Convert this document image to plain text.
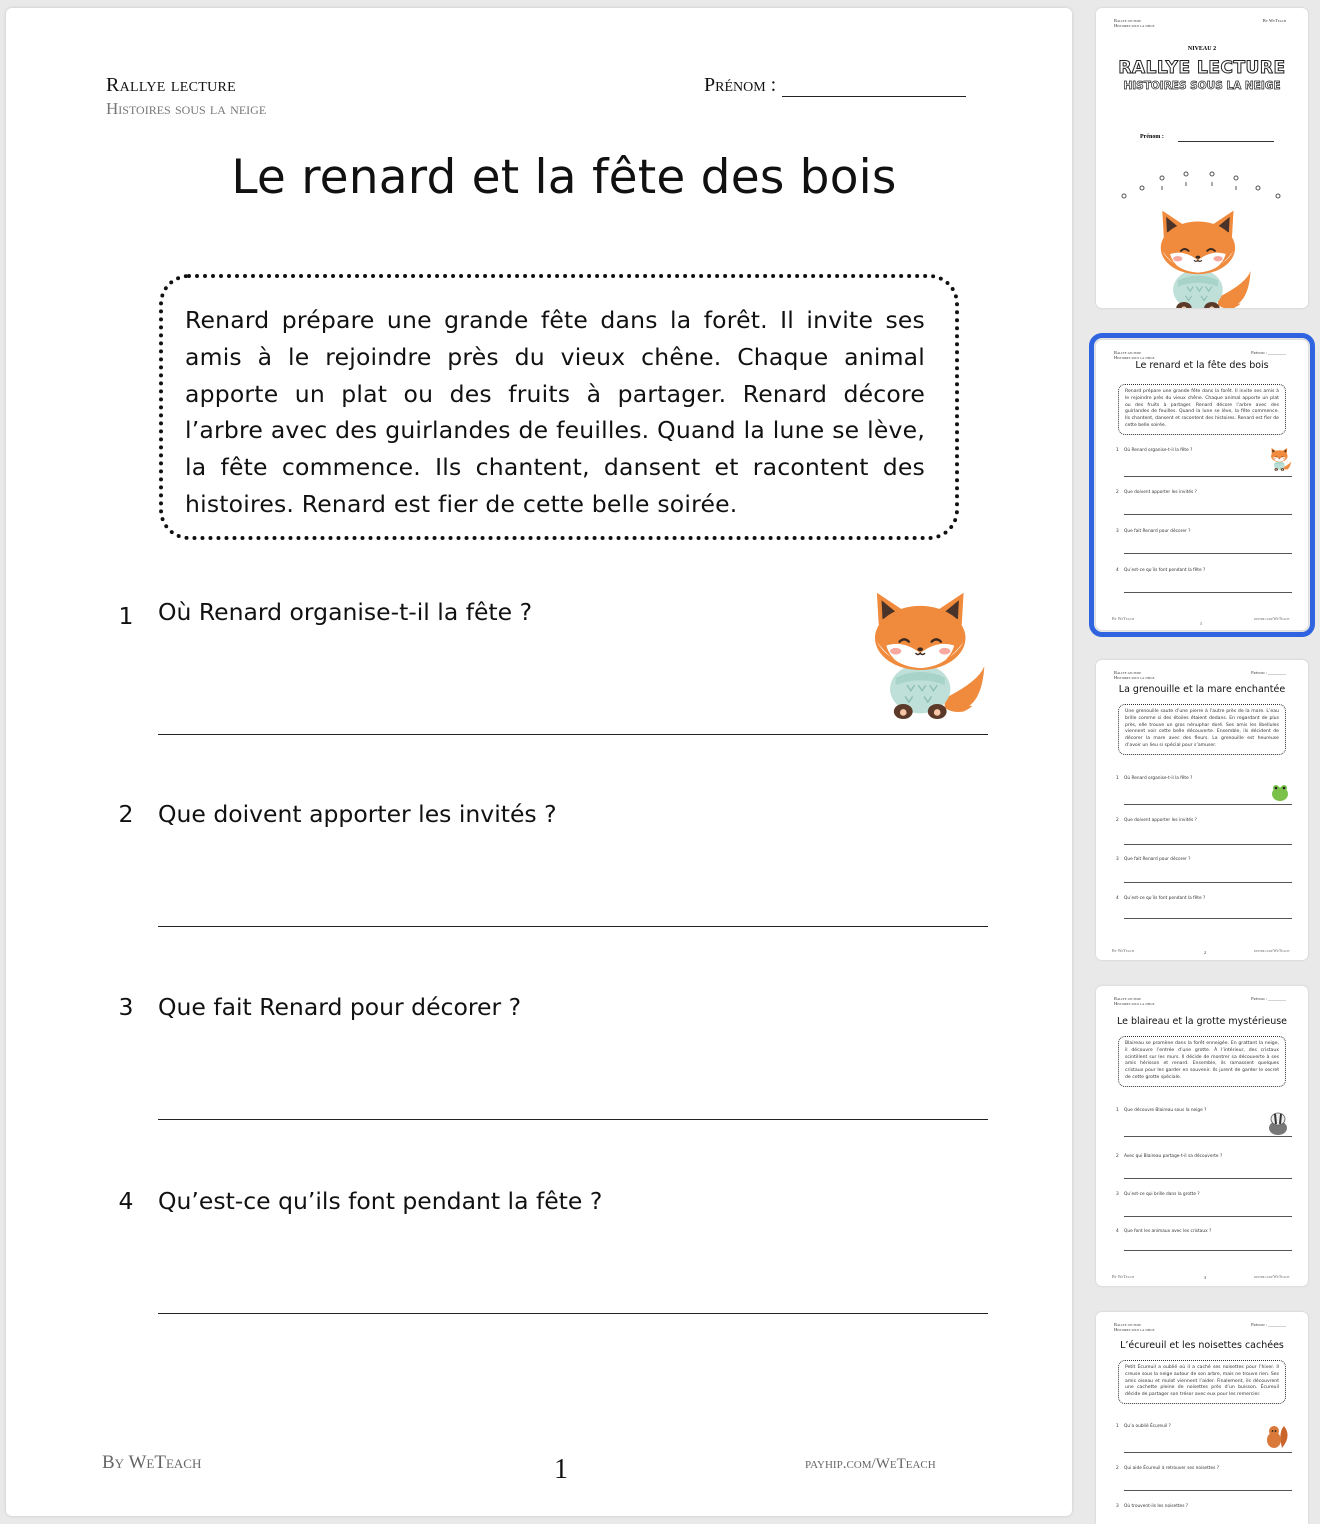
Rallye lecture
Histoires sous la neige
Prénom :
Le renard et la fête des bois

Renard prépare une grande fête dans la forêt. Il invite ses amis à le rejoindre près du vieux chêne. Chaque animal apporte un plat ou des fruits à partager. Renard décore l’arbre avec des guirlandes de feuilles. Quand la lune se lève, la fête commence. Ils chantent, dansent et racontent des histoires. Renard est fier de cette belle soirée.

1 Où Renard organise-t-il la fête ?
2 Que doivent apporter les invités ?
3 Que fait Renard pour décorer ?
4 Qu’est-ce qu’ils font pendant la fête ?
By WeTeach	1	payhip.com/WeTeach
Rallye lecture
Histoires sous la neige
By WeTeach
NIVEAU 2
RALLYE LECTURE
HISTOIRES SOUS LA NEIGE
Prénom :
Rallye lecture
Histoires sous la neige
Prénom : ________
Le renard et la fête des bois
Renard prépare une grande fête dans la forêt. Il invite ses amis à le rejoindre près du vieux chêne. Chaque animal apporte un plat ou des fruits à partager. Renard décore l’arbre avec des guirlandes de feuilles. Quand la lune se lève, la fête commence. Ils chantent, dansent et racontent des histoires. Renard est fier de cette belle soirée.
1 Où Renard organise-t-il la fête ?
2 Que doivent apporter les invités ?
3 Que fait Renard pour décorer ?
4 Qu’est-ce qu’ils font pendant la fête ?
By WeTeach
1
payhip.com/WeTeach
Rallye lecture
Histoires sous la neige
Prénom : ________
La grenouille et la mare enchantée
Une grenouille saute d’une pierre à l’autre près de la mare. L’eau brille comme si des étoiles étaient dedans. En regardant de plus près, elle trouve un gros nénuphar doré. Ses amis les libellules viennent voir cette belle découverte. Ensemble, ils décident de décorer la mare avec des fleurs. La grenouille est heureuse d’avoir un lieu si spécial pour s’amuser.
1 Où Renard organise-t-il la fête ?
2 Que doivent apporter les invités ?
3 Que fait Renard pour décorer ?
4 Qu’est-ce qu’ils font pendant la fête ?
By WeTeach	2	payhip.com/WeTeach
Rallye lecture
Histoires sous la neige
Prénom : ________
Le blaireau et la grotte mystérieuse
Blaireau se promène dans la forêt enneigée. En grattant la neige, il découvre l’entrée d’une grotte. À l’intérieur, des cristaux scintillent sur les murs. Il décide de montrer sa découverte à ses amis hérisson et renard. Ensemble, ils ramassent quelques cristaux pour les garder en souvenir. Ils jurent de garder le secret de cette grotte spéciale.
1 Que découvre Blaireau sous la neige ?
2 Avec qui Blaireau partage-t-il sa découverte ?
3 Qu’est-ce qui brille dans la grotte ?
4 Que font les animaux avec les cristaux ?
By WeTeach	3	payhip.com/WeTeach
Rallye lecture
Histoires sous la neige
Prénom : ________
L’écureuil et les noisettes cachées
Petit Écureuil a oublié où il a caché ses noisettes pour l’hiver. Il creuse sous la neige autour de son arbre, mais ne trouve rien. Ses amis oiseau et mulot viennent l’aider. Finalement, ils découvrent une cachette pleine de noisettes près d’un buisson. Écureuil décide de partager son trésor avec eux pour les remercier.
1 Qu’a oublié Écureuil ?
2 Qui aide Écureuil à retrouver ses noisettes ?
3 Où trouvent-ils les noisettes ?
